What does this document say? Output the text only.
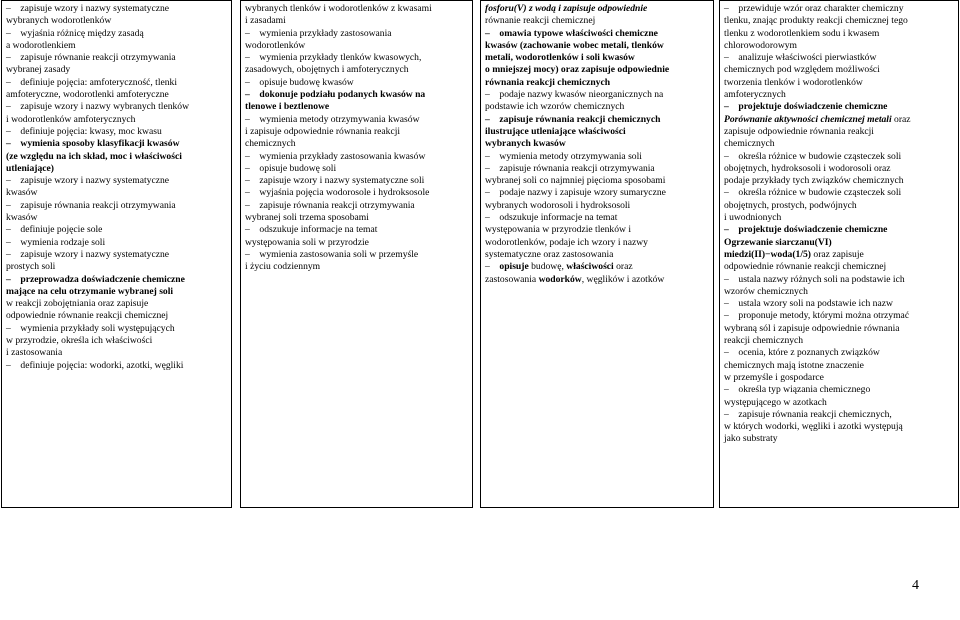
–    zapisuje wzory i nazwy systematyczne
wybranych wodorotlenków
–    wyjaśnia różnicę między zasadą
a wodorotlenkiem
–    zapisuje równanie reakcji otrzymywania
wybranej zasady
–    definiuje pojęcia: amfoteryczność, tlenki
amfoteryczne, wodorotlenki amfoteryczne
–    zapisuje wzory i nazwy wybranych tlenków
i wodorotlenków amfoterycznych
–    definiuje pojęcia: kwasy, moc kwasu
–    wymienia sposoby klasyfikacji kwasów
(ze względu na ich skład, moc i właściwości
utleniające)
–    zapisuje wzory i nazwy systematyczne
kwasów
–    zapisuje równania reakcji otrzymywania
kwasów
–    definiuje pojęcie sole
–    wymienia rodzaje soli
–    zapisuje wzory i nazwy systematyczne
prostych soli
–    przeprowadza doświadczenie chemiczne
mające na celu otrzymanie wybranej soli
w reakcji zobojętniania oraz zapisuje
odpowiednie równanie reakcji chemicznej
–    wymienia przykłady soli występujących
w przyrodzie, określa ich właściwości
i zastosowania
–    definiuje pojęcia: wodorki, azotki, węgliki
wybranych tlenków i wodorotlenków z kwasami
i zasadami
–    wymienia przykłady zastosowania
wodorotlenków
–    wymienia przykłady tlenków kwasowych,
zasadowych, obojętnych i amfoterycznych
–    opisuje budowę kwasów
–    dokonuje podziału podanych kwasów na
tlenowe i beztlenowe
–    wymienia metody otrzymywania kwasów
i zapisuje odpowiednie równania reakcji
chemicznych
–    wymienia przykłady zastosowania kwasów
–    opisuje budowę soli
–    zapisuje wzory i nazwy systematyczne soli
–    wyjaśnia pojęcia wodorosole i hydroksosole
–    zapisuje równania reakcji otrzymywania
wybranej soli trzema sposobami
–    odszukuje informacje na temat
występowania soli w przyrodzie
–    wymienia zastosowania soli w przemyśle
i życiu codziennym
fosforu(V) z wodą i zapisuje odpowiednie
równanie reakcji chemicznej
–    omawia typowe właściwości chemiczne
kwasów (zachowanie wobec metali, tlenków
metali, wodorotlenków i soli kwasów
o mniejszej mocy) oraz zapisuje odpowiednie
równania reakcji chemicznych
–    podaje nazwy kwasów nieorganicznych na
podstawie ich wzorów chemicznych
–    zapisuje równania reakcji chemicznych
ilustrujące utleniające właściwości
wybranych kwasów
–    wymienia metody otrzymywania soli
–    zapisuje równania reakcji otrzymywania
wybranej soli co najmniej pięcioma sposobami
–    podaje nazwy i zapisuje wzory sumaryczne
wybranych wodorosoli i hydroksosoli
–    odszukuje informacje na temat
występowania w przyrodzie tlenków i
wodorotlenków, podaje ich wzory i nazwy
systematyczne oraz zastosowania
–    opisuje budowę, właściwości oraz
zastosowania wodorków, węglików i azotków
–    przewiduje wzór oraz charakter chemiczny
tlenku, znając produkty reakcji chemicznej tego
tlenku z wodorotlenkiem sodu i kwasem
chlorowodorowym
–    analizuje właściwości pierwiastków
chemicznych pod względem możliwości
tworzenia tlenków i wodorotlenków
amfoterycznych
–    projektuje doświadczenie chemiczne
Porównanie aktywności chemicznej metali oraz
zapisuje odpowiednie równania reakcji
chemicznych
–    określa różnice w budowie cząsteczek soli
obojętnych, hydroksosoli i wodorosoli oraz
podaje przykłady tych związków chemicznych
–    określa różnice w budowie cząsteczek soli
obojętnych, prostych, podwójnych
i uwodnionych
–    projektuje doświadczenie chemiczne
Ogrzewanie siarczanu(VI)
miedzi(II)−woda(1/5) oraz zapisuje
odpowiednie równanie reakcji chemicznej
–    ustala nazwy różnych soli na podstawie ich
wzorów chemicznych
–    ustala wzory soli na podstawie ich nazw
–    proponuje metody, którymi można otrzymać
wybraną sól i zapisuje odpowiednie równania
reakcji chemicznych
–    ocenia, które z poznanych związków
chemicznych mają istotne znaczenie
w przemyśle i gospodarce
–    określa typ wiązania chemicznego
występującego w azotkach
–    zapisuje równania reakcji chemicznych,
w których wodorki, węgliki i azotki występują
jako substraty
4
